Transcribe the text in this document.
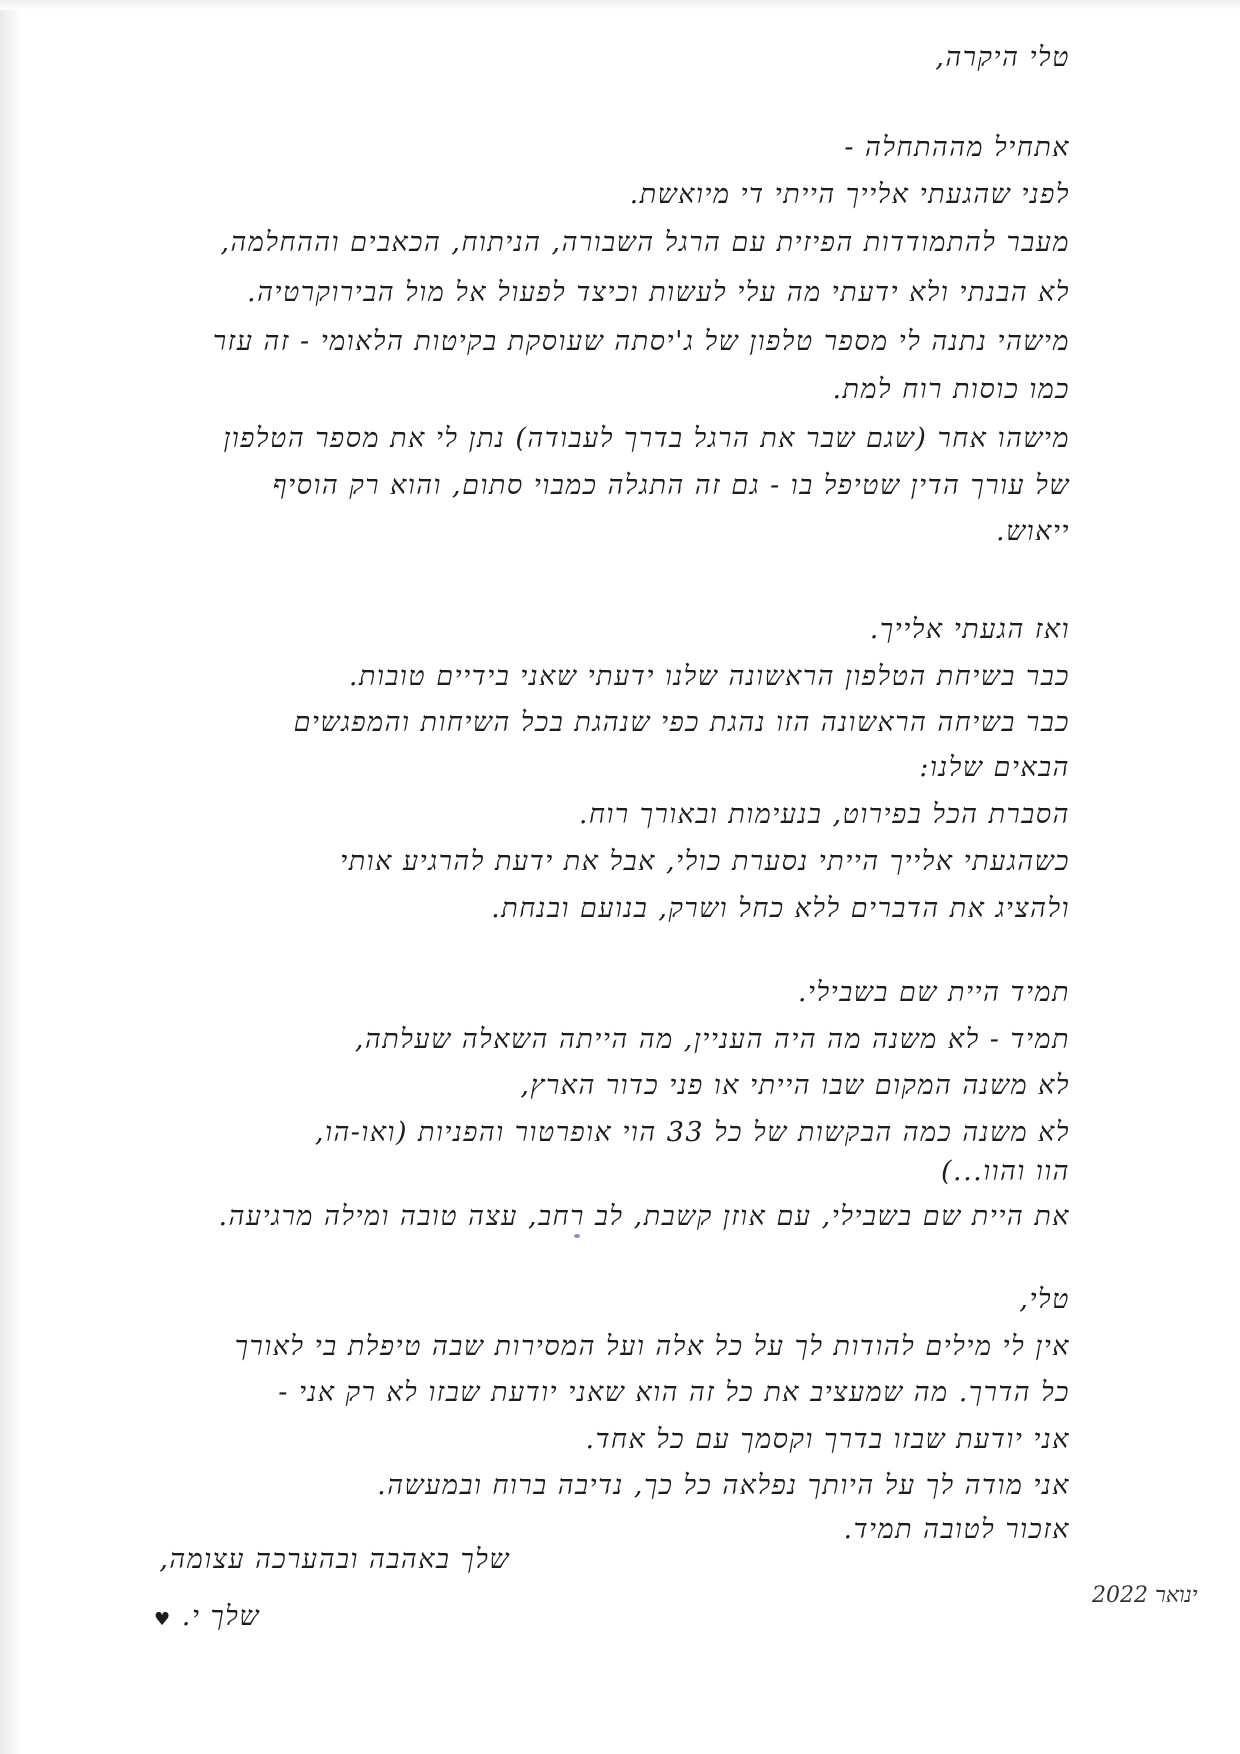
טלי היקרה,
אתחיל מההתחלה -
לפני שהגעתי אלייך הייתי די מיואשת.
מעבר להתמודדות הפיזית עם הרגל השבורה, הניתוח, הכאבים וההחלמה,
לא הבנתי ולא ידעתי מה עלי לעשות וכיצד לפעול אל מול הבירוקרטיה.
מישהי נתנה לי מספר טלפון של ג'יסתה שעוסקת בקיטות הלאומי - זה עזר
כמו כוסות רוח למת.
מישהו אחר (שגם שבר את הרגל בדרך לעבודה) נתן לי את מספר הטלפון
של עורך הדין שטיפל בו - גם זה התגלה כמבוי סתום, והוא רק הוסיף
ייאוש.
ואז הגעתי אלייך.
כבר בשיחת הטלפון הראשונה שלנו ידעתי שאני בידיים טובות.
כבר בשיחה הראשונה הזו נהגת כפי שנהגת בכל השיחות והמפגשים
הבאים שלנו:
הסברת הכל בפירוט, בנעימות ובאורך רוח.
כשהגעתי אלייך הייתי נסערת כולי, אבל את ידעת להרגיע אותי
ולהציג את הדברים ללא כחל ושרק, בנועם ובנחת.
תמיד היית שם בשבילי.
תמיד - לא משנה מה היה העניין, מה הייתה השאלה שעלתה,
לא משנה המקום שבו הייתי או פני כדור הארץ,
לא משנה כמה הבקשות של כל 33 הוי אופרטור והפניות (ואו-הו,
הוו והוו...)
את היית שם בשבילי, עם אוזן קשבת, לב רחב, עצה טובה ומילה מרגיעה.
טלי,
אין לי מילים להודות לך על כל אלה ועל המסירות שבה טיפלת בי לאורך
כל הדרך. מה שמעציב את כל זה הוא שאני יודעת שבזו לא רק אני -
אני יודעת שבזו בדרך וקסמך עם כל אחד.
אני מודה לך על היותך נפלאה כל כך, נדיבה ברוח ובמעשה.
אזכור לטובה תמיד.
שלך באהבה ובהערכה עצומה,
שלך י. ♥
ינואר 2022
